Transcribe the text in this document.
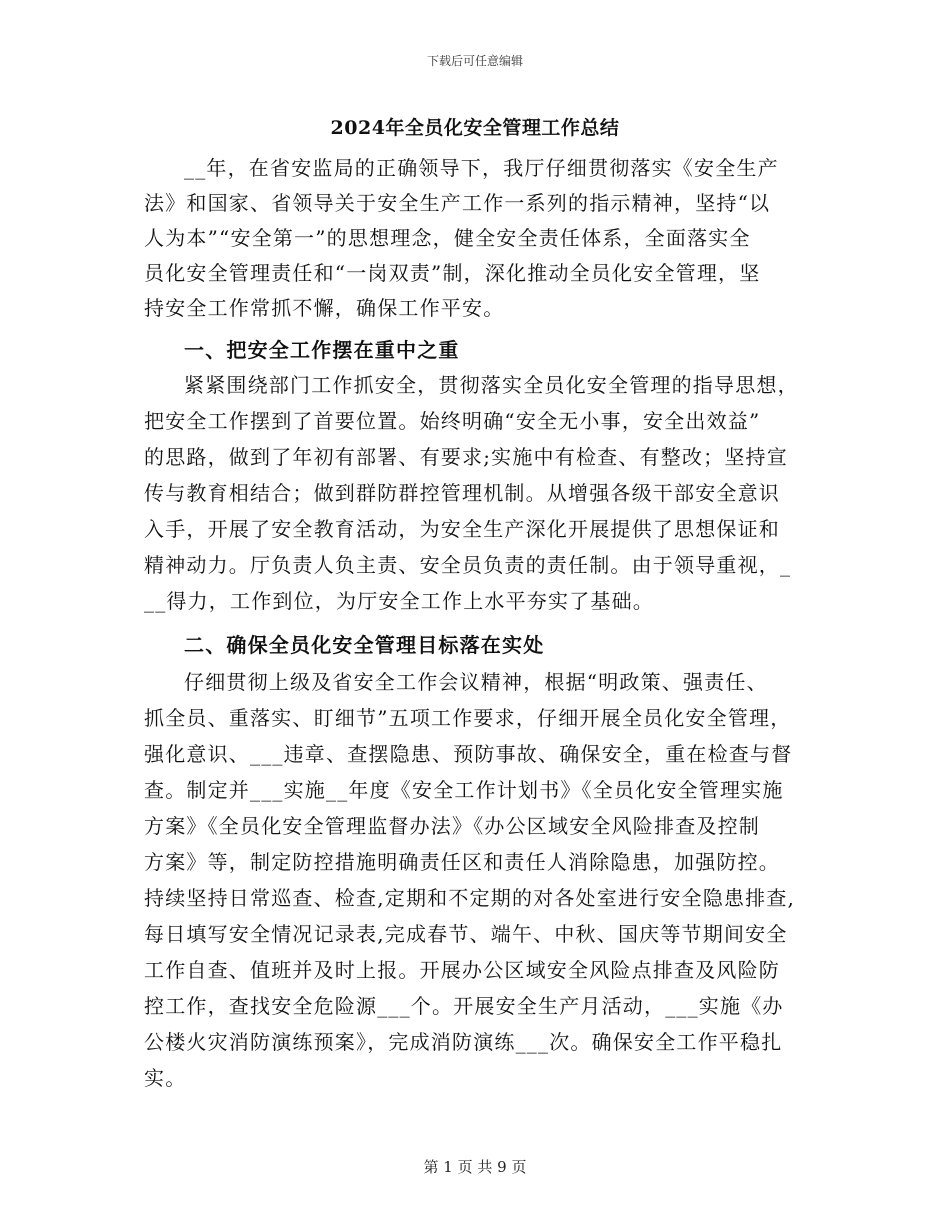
下载后可任意编辑
2024年全员化安全管理工作总结
__年，在省安监局的正确领导下，我厅仔细贯彻落实《安全生产
法》和国家、省领导关于安全生产工作一系列的指示精神，坚持“以
人为本”“安全第一”的思想理念，健全安全责任体系，全面落实全
员化安全管理责任和“一岗双责”制，深化推动全员化安全管理，坚
持安全工作常抓不懈，确保工作平安。
一、把安全工作摆在重中之重
紧紧围绕部门工作抓安全，贯彻落实全员化安全管理的指导思想，
把安全工作摆到了首要位置。始终明确“安全无小事，安全出效益”
的思路，做到了年初有部署、有要求;实施中有检查、有整改；坚持宣
传与教育相结合；做到群防群控管理机制。从增强各级干部安全意识
入手，开展了安全教育活动，为安全生产深化开展提供了思想保证和
精神动力。厅负责人负主责、安全员负责的责任制。由于领导重视，_
__得力，工作到位，为厅安全工作上水平夯实了基础。
二、确保全员化安全管理目标落在实处
仔细贯彻上级及省安全工作会议精神，根据“明政策、强责任、
抓全员、重落实、盯细节”五项工作要求，仔细开展全员化安全管理，
强化意识、___违章、查摆隐患、预防事故、确保安全，重在检查与督
查。制定并___实施__年度《安全工作计划书》《全员化安全管理实施
方案》《全员化安全管理监督办法》《办公区域安全风险排查及控制
方案》等，制定防控措施明确责任区和责任人消除隐患，加强防控。
持续坚持日常巡查、检查,定期和不定期的对各处室进行安全隐患排查,
每日填写安全情况记录表,完成春节、端午、中秋、国庆等节期间安全
工作自查、值班并及时上报。开展办公区域安全风险点排查及风险防
控工作，查找安全危险源___个。开展安全生产月活动，___实施《办
公楼火灾消防演练预案》，完成消防演练___次。确保安全工作平稳扎
实。
第 1 页 共 9 页
